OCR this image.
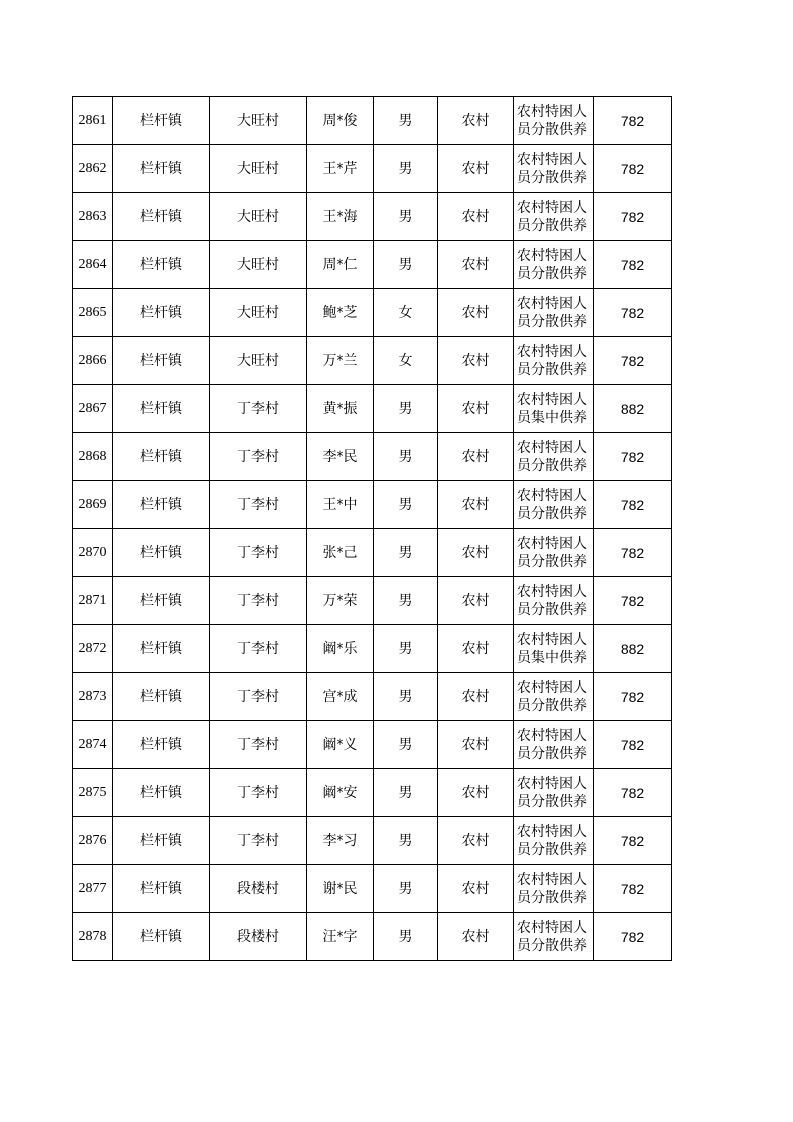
2861	栏杆镇	大旺村	周*俊	男	农村	农村特困人
员分散供养	782
2862	栏杆镇	大旺村	王*芹	男	农村	农村特困人
员分散供养	782
2863	栏杆镇	大旺村	王*海	男	农村	农村特困人
员分散供养	782
2864	栏杆镇	大旺村	周*仁	男	农村	农村特困人
员分散供养	782
2865	栏杆镇	大旺村	鲍*芝	女	农村	农村特困人
员分散供养	782
2866	栏杆镇	大旺村	万*兰	女	农村	农村特困人
员分散供养	782
2867	栏杆镇	丁李村	黄*振	男	农村	农村特困人
员集中供养	882
2868	栏杆镇	丁李村	李*民	男	农村	农村特困人
员分散供养	782
2869	栏杆镇	丁李村	王*中	男	农村	农村特困人
员分散供养	782
2870	栏杆镇	丁李村	张*己	男	农村	农村特困人
员分散供养	782
2871	栏杆镇	丁李村	万*荣	男	农村	农村特困人
员分散供养	782
2872	栏杆镇	丁李村	阚*乐	男	农村	农村特困人
员集中供养	882
2873	栏杆镇	丁李村	宫*成	男	农村	农村特困人
员分散供养	782
2874	栏杆镇	丁李村	阚*义	男	农村	农村特困人
员分散供养	782
2875	栏杆镇	丁李村	阚*安	男	农村	农村特困人
员分散供养	782
2876	栏杆镇	丁李村	李*习	男	农村	农村特困人
员分散供养	782
2877	栏杆镇	段楼村	谢*民	男	农村	农村特困人
员分散供养	782
2878	栏杆镇	段楼村	汪*字	男	农村	农村特困人
员分散供养	782
